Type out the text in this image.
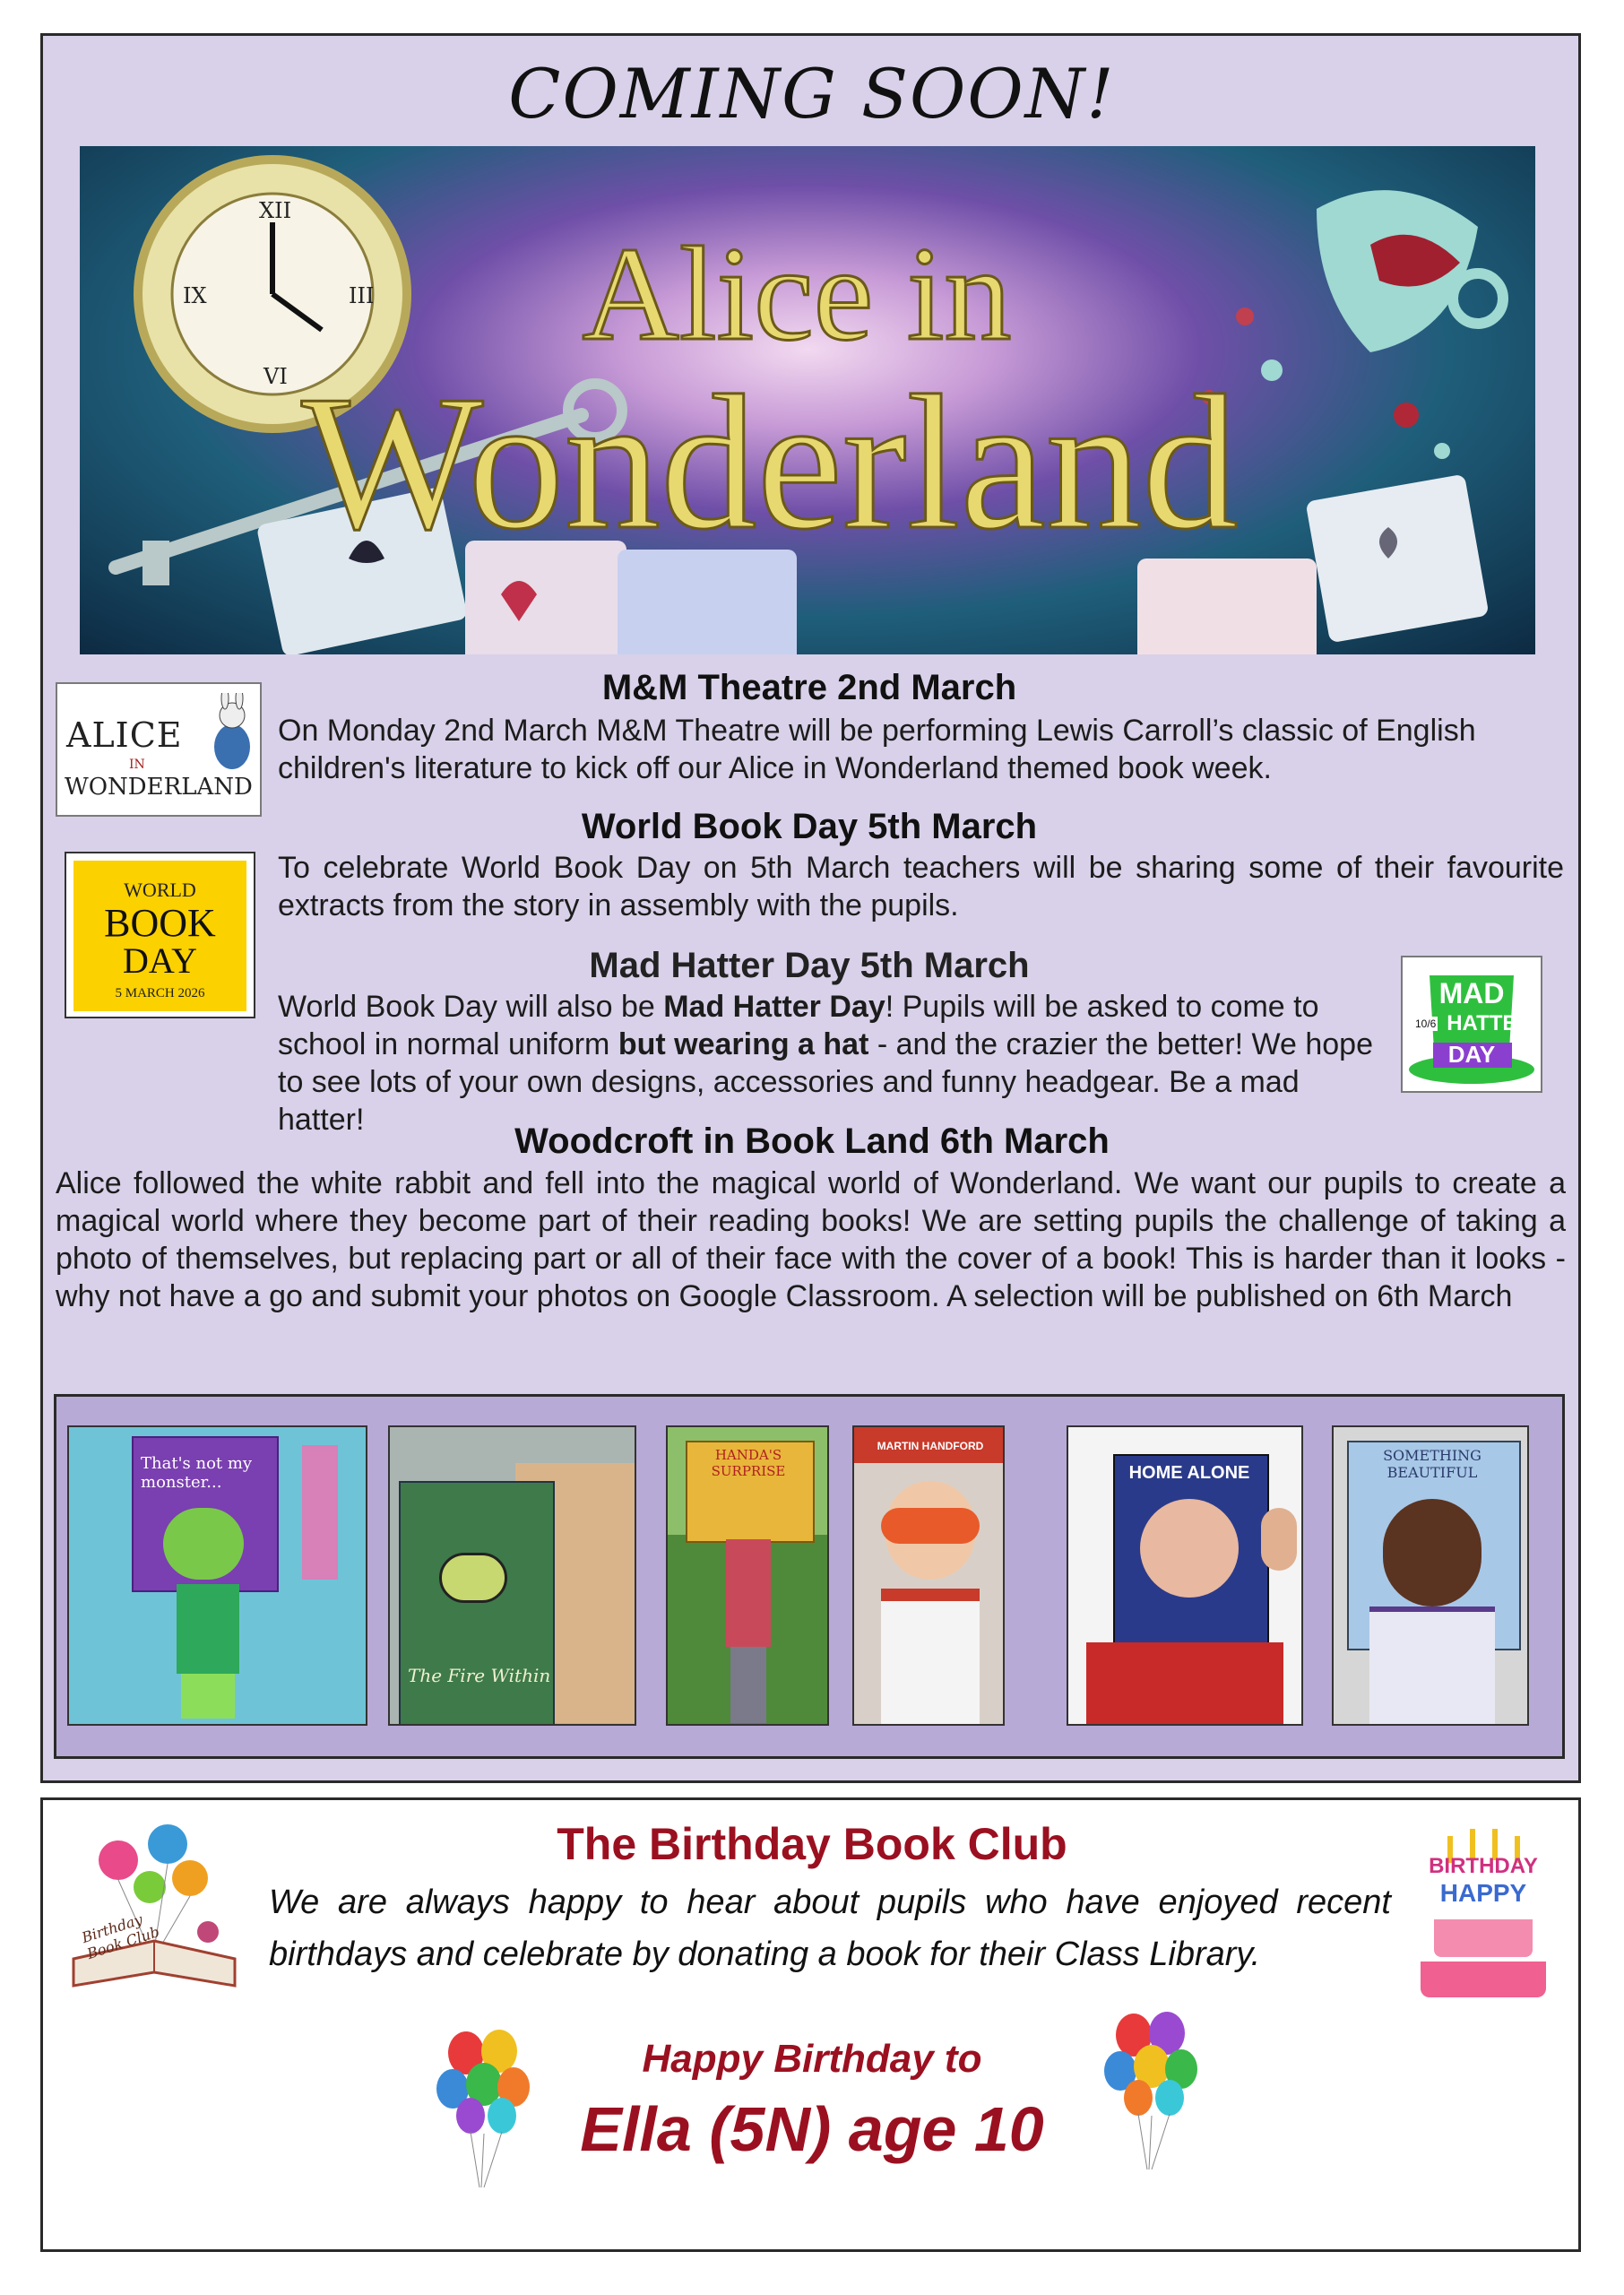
COMING SOON!
XII
III
VI
IX	Alice in
Wonderland
ALICE
IN
WONDERLAND
M&M Theatre 2nd March
On Monday 2nd March M&M Theatre will be performing Lewis Carroll’s classic of English children's literature to kick off our Alice in Wonderland themed book week.
WORLD
BOOK
DAY
5 MARCH 2026
World Book Day 5th March
To celebrate World Book Day on 5th March teachers will be sharing some of their favourite extracts from the story in assembly with the pupils.
Mad Hatter Day 5th March
MAD
HATTER
DAY
10/6
World Book Day will also be Mad Hatter Day! Pupils will be asked to come to school in normal uniform but wearing a hat - and the crazier the better! We hope to see lots of your own designs, accessories and funny headgear. Be a mad hatter!
Woodcroft in Book Land 6th March
Alice followed the white rabbit and fell into the magical world of Wonderland. We want our pupils to create a magical world where they become part of their reading books! We are setting pupils the challenge of taking a photo of themselves, but replacing part or all of their face with the cover of a book! This is harder than it looks - why not have a go and submit your photos on Google Classroom. A selection will be published on 6th March
That's not my monster...
The Fire Within
HANDA'S SURPRISE
MARTIN HANDFORD
HOME ALONE
SOMETHING BEAUTIFUL
Birthday Book Club
The Birthday Book Club
We are always happy to hear about pupils who have enjoyed recent birthdays and celebrate by donating a book for their Class Library.
BIRTHDAY
HAPPY
Happy Birthday to
Ella (5N) age 10
